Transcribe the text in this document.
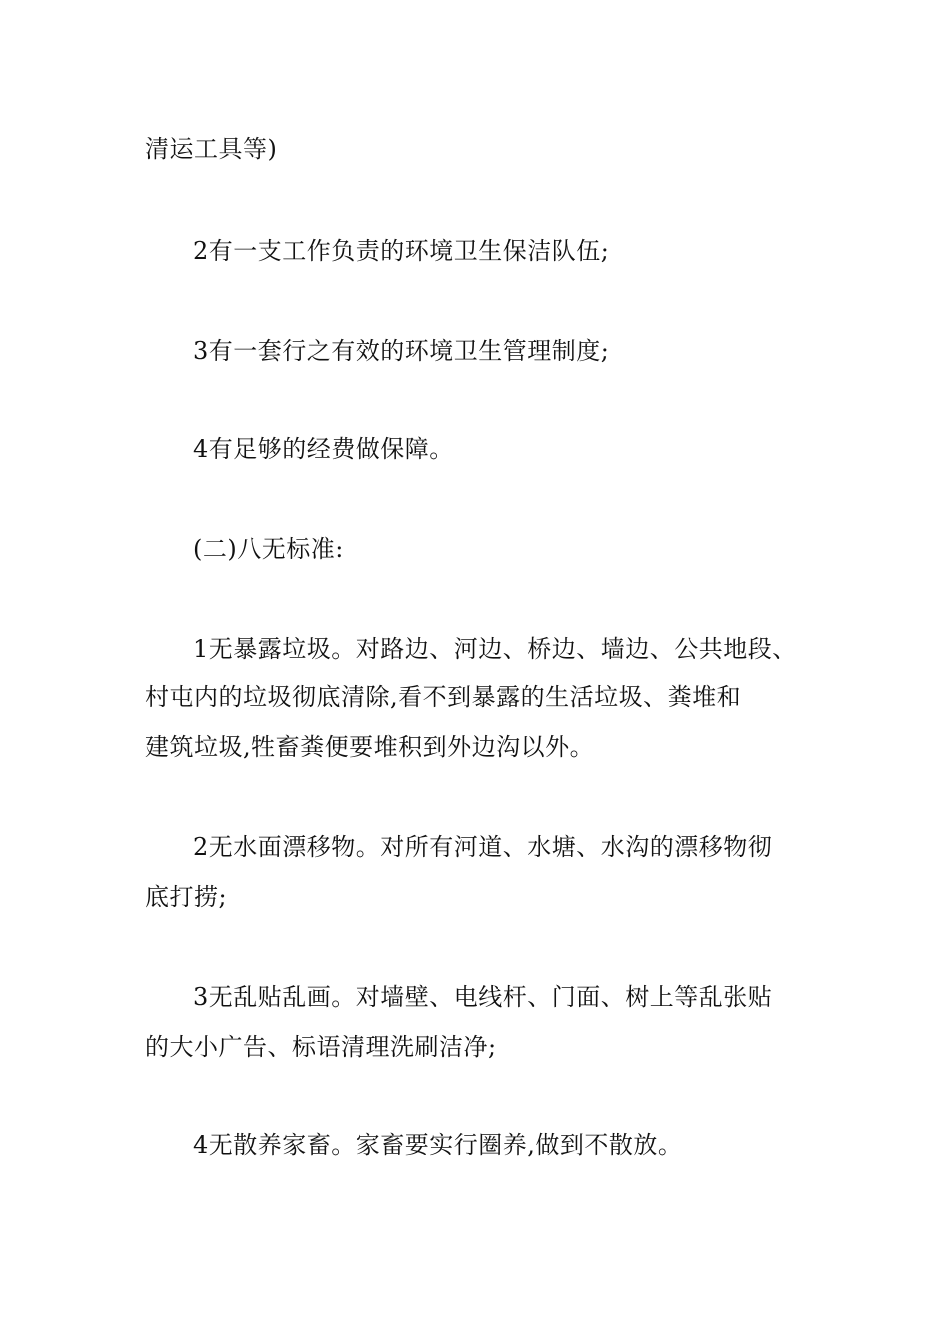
清运工具等)
2有一支工作负责的环境卫生保洁队伍;
3有一套行之有效的环境卫生管理制度;
4有足够的经费做保障。
(二)八无标准:
1无暴露垃圾。对路边、河边、桥边、墙边、公共地段、
村屯内的垃圾彻底清除,看不到暴露的生活垃圾、粪堆和
建筑垃圾,牲畜粪便要堆积到外边沟以外。
2无水面漂移物。对所有河道、水塘、水沟的漂移物彻
底打捞;
3无乱贴乱画。对墙壁、电线杆、门面、树上等乱张贴
的大小广告、标语清理洗刷洁净;
4无散养家畜。家畜要实行圈养,做到不散放。
